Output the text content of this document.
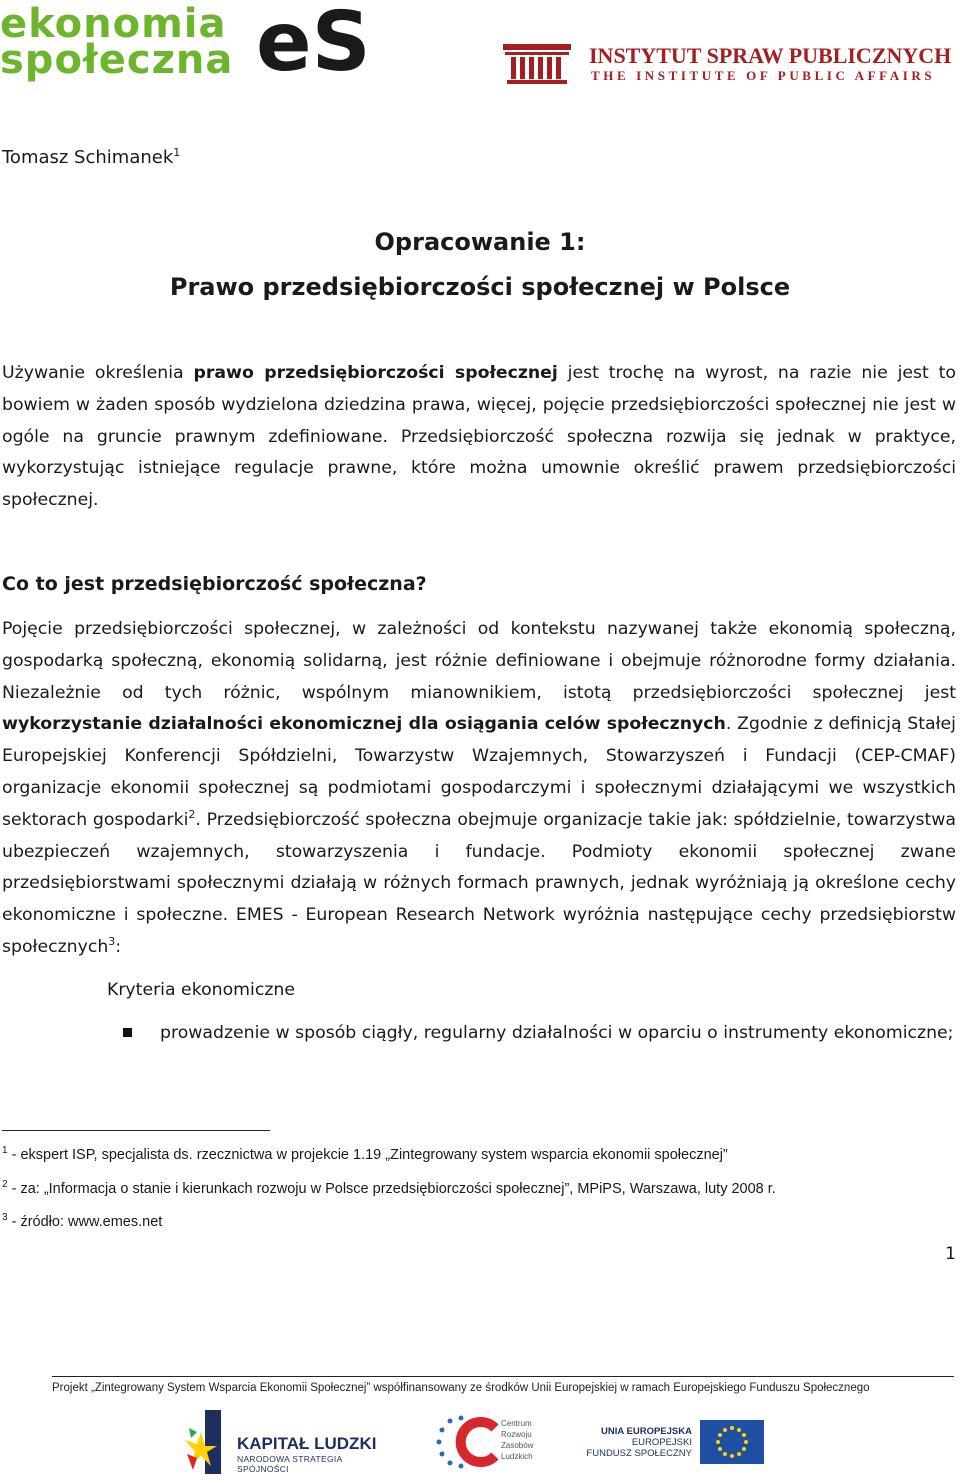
ekonomia
społeczna eS	INSTYTUT SPRAW PUBLICZNYCH
THE INSTITUTE OF PUBLIC AFFAIRS
Tomasz Schimanek$^1$
Opracowanie 1:
Prawo przedsiębiorczości społecznej w Polsce
Używanie określenia prawo przedsiębiorczości społecznej jest trochę na wyrost, na razie nie jest to bowiem w żaden sposób wydzielona dziedzina prawa, więcej, pojęcie przedsiębiorczości społecznej nie jest w ogóle na gruncie prawnym zdefiniowane. Przedsiębiorczość społeczna rozwija się jednak w praktyce, wykorzystując istniejące regulacje prawne, które można umownie określić prawem przedsiębiorczości społecznej.
Co to jest przedsiębiorczość społeczna?
Pojęcie przedsiębiorczości społecznej, w zależności od kontekstu nazywanej także ekonomią społeczną, gospodarką społeczną, ekonomią solidarną, jest różnie definiowane i obejmuje różnorodne formy działania. Niezależnie od tych różnic, wspólnym mianownikiem, istotą przedsiębiorczości społecznej jest wykorzystanie działalności ekonomicznej dla osiągania celów społecznych. Zgodnie z definicją Stałej Europejskiej Konferencji Spółdzielni, Towarzystw Wzajemnych, Stowarzyszeń i Fundacji (CEP-CMAF) organizacje ekonomii społecznej są podmiotami gospodarczymi i społecznymi działającymi we wszystkich sektorach gospodarki$^2$. Przedsiębiorczość społeczna obejmuje organizacje takie jak: spółdzielnie, towarzystwa ubezpieczeń wzajemnych, stowarzyszenia i fundacje. Podmioty ekonomii społecznej zwane przedsiębiorstwami społecznymi działają w różnych formach prawnych, jednak wyróżniają ją określone cechy ekonomiczne i społeczne. EMES - European Research Network wyróżnia następujące cechy przedsiębiorstw społecznych$^3$:
Kryteria ekonomiczne
prowadzenie w sposób ciągły, regularny działalności w oparciu o instrumenty ekonomiczne;
$^1$ - ekspert ISP, specjalista ds. rzecznictwa w projekcie 1.19 „Zintegrowany system wsparcia ekonomii społecznej”
$^2$ - za: „Informacja o stanie i kierunkach rozwoju w Polsce przedsiębiorczości społecznej”, MPiPS, Warszawa, luty 2008 r.
$^3$ - źródło: www.emes.net
1
Projekt „Zintegrowany System Wsparcia Ekonomii Społecznej” współfinansowany ze środków Unii Europejskiej w ramach Europejskiego Funduszu Społecznego
KAPITAŁ LUDZKI
NARODOWA STRATEGIA SPÓJNOŚCI
Centrum
Rozwoju
Zasobów
Ludzkich
UNIA EUROPEJSKA
EUROPEJSKI
FUNDUSZ SPOŁECZNY
